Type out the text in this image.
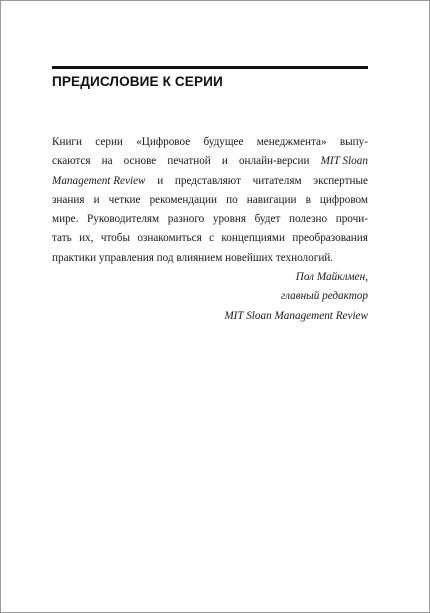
ПРЕДИСЛОВИЕ К СЕРИИ
Книги серии «Цифровое будущее менеджмента» выпу-
скаются на основе печатной и онлайн-версии MIT Sloan
Management Review и представляют читателям экспертные
знания и четкие рекомендации по навигации в цифровом
мире. Руководителям разного уровня будет полезно прочи-
тать их, чтобы ознакомиться с концепциями преобразования
практики управления под влиянием новейших технологий.
Пол Майклмен,
главный редактор
MIT Sloan Management Review
